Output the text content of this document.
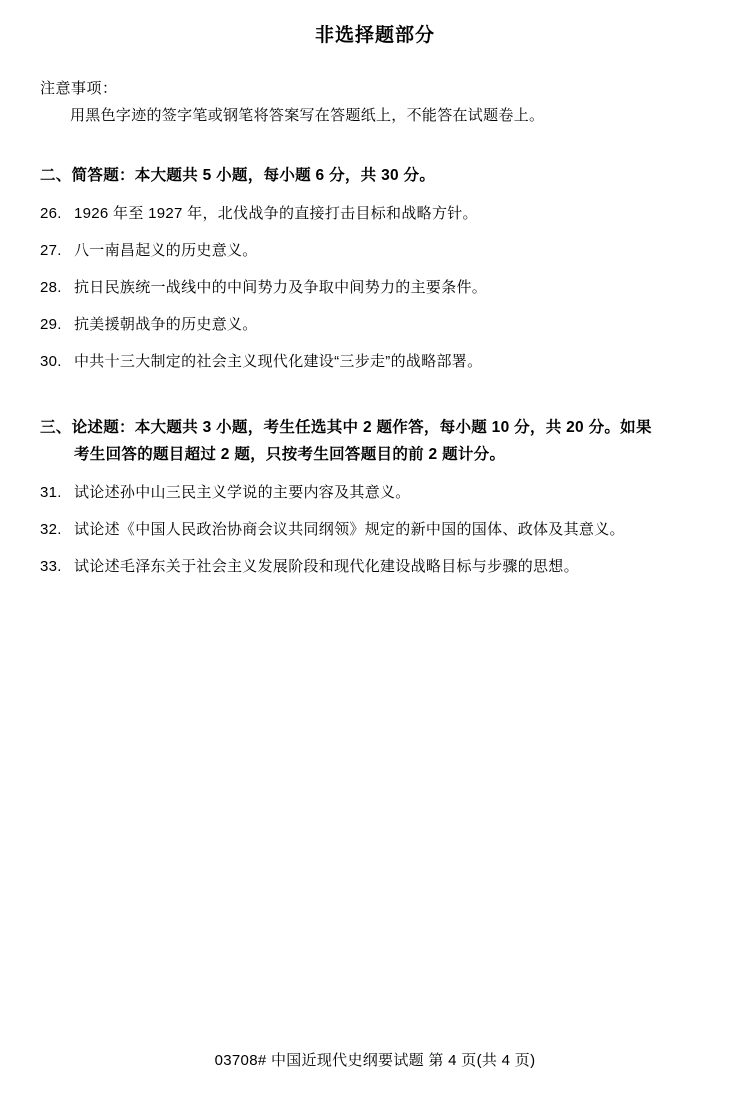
非选择题部分
注意事项：
用黑色字迹的签字笔或钢笔将答案写在答题纸上，不能答在试题卷上。
二、简答题：本大题共 5 小题，每小题 6 分，共 30 分。
26. 1926 年至 1927 年，北伐战争的直接打击目标和战略方针。
27. 八一南昌起义的历史意义。
28. 抗日民族统一战线中的中间势力及争取中间势力的主要条件。
29. 抗美援朝战争的历史意义。
30. 中共十三大制定的社会主义现代化建设“三步走”的战略部署。
三、论述题：本大题共 3 小题，考生任选其中 2 题作答，每小题 10 分，共 20 分。如果
考生回答的题目超过 2 题，只按考生回答题目的前 2 题计分。
31. 试论述孙中山三民主义学说的主要内容及其意义。
32. 试论述《中国人民政治协商会议共同纲领》规定的新中国的国体、政体及其意义。
33. 试论述毛泽东关于社会主义发展阶段和现代化建设战略目标与步骤的思想。
03708# 中国近现代史纲要试题 第 4 页(共 4 页)
